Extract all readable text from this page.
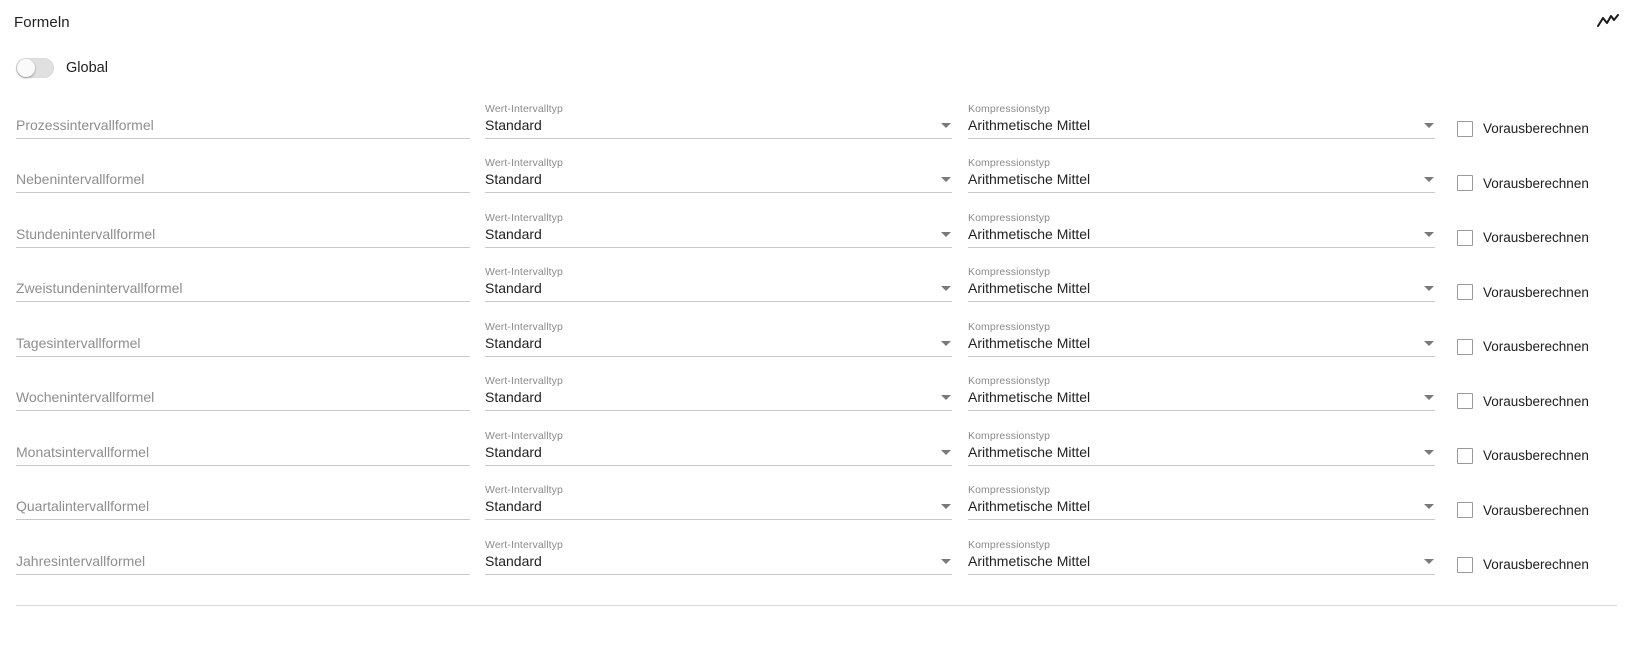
Formeln
Global
Prozessintervallformel
Wert-Intervalltyp
Standard
Kompressionstyp
Arithmetische Mittel	Vorausberechnen
Nebenintervallformel
Wert-Intervalltyp
Standard
Kompressionstyp
Arithmetische Mittel	Vorausberechnen
Stundenintervallformel
Wert-Intervalltyp
Standard
Kompressionstyp
Arithmetische Mittel	Vorausberechnen
Zweistundenintervallformel
Wert-Intervalltyp
Standard
Kompressionstyp
Arithmetische Mittel	Vorausberechnen
Tagesintervallformel
Wert-Intervalltyp
Standard
Kompressionstyp
Arithmetische Mittel	Vorausberechnen
Wochenintervallformel
Wert-Intervalltyp
Standard
Kompressionstyp
Arithmetische Mittel	Vorausberechnen
Monatsintervallformel
Wert-Intervalltyp
Standard
Kompressionstyp
Arithmetische Mittel	Vorausberechnen
Quartalintervallformel
Wert-Intervalltyp
Standard
Kompressionstyp
Arithmetische Mittel	Vorausberechnen
Jahresintervallformel
Wert-Intervalltyp
Standard
Kompressionstyp
Arithmetische Mittel	Vorausberechnen
